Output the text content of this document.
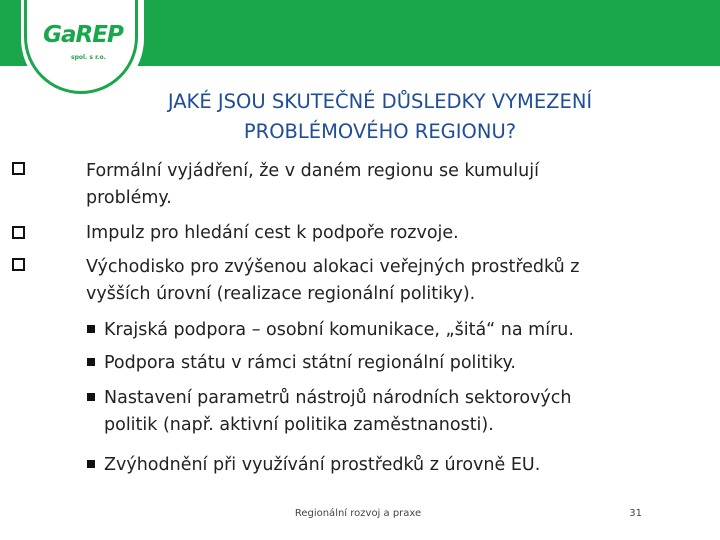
GaREP
spol. s r.o.
JAKÉ JSOU SKUTEČNÉ DŮSLEDKY VYMEZENÍ
PROBLÉMOVÉHO REGIONU?
Formální vyjádření, že v daném regionu se kumulují
problémy.
Impulz pro hledání cest k podpoře rozvoje.
Východisko pro zvýšenou alokaci veřejných prostředků z
vyšších úrovní (realizace regionální politiky).
Krajská podpora – osobní komunikace, „šitá“ na míru.
Podpora státu v rámci státní regionální politiky.
Nastavení parametrů nástrojů národních sektorových
politik (např. aktivní politika zaměstnanosti).
Zvýhodnění při využívání prostředků z úrovně EU.
Regionální rozvoj a praxe	31
